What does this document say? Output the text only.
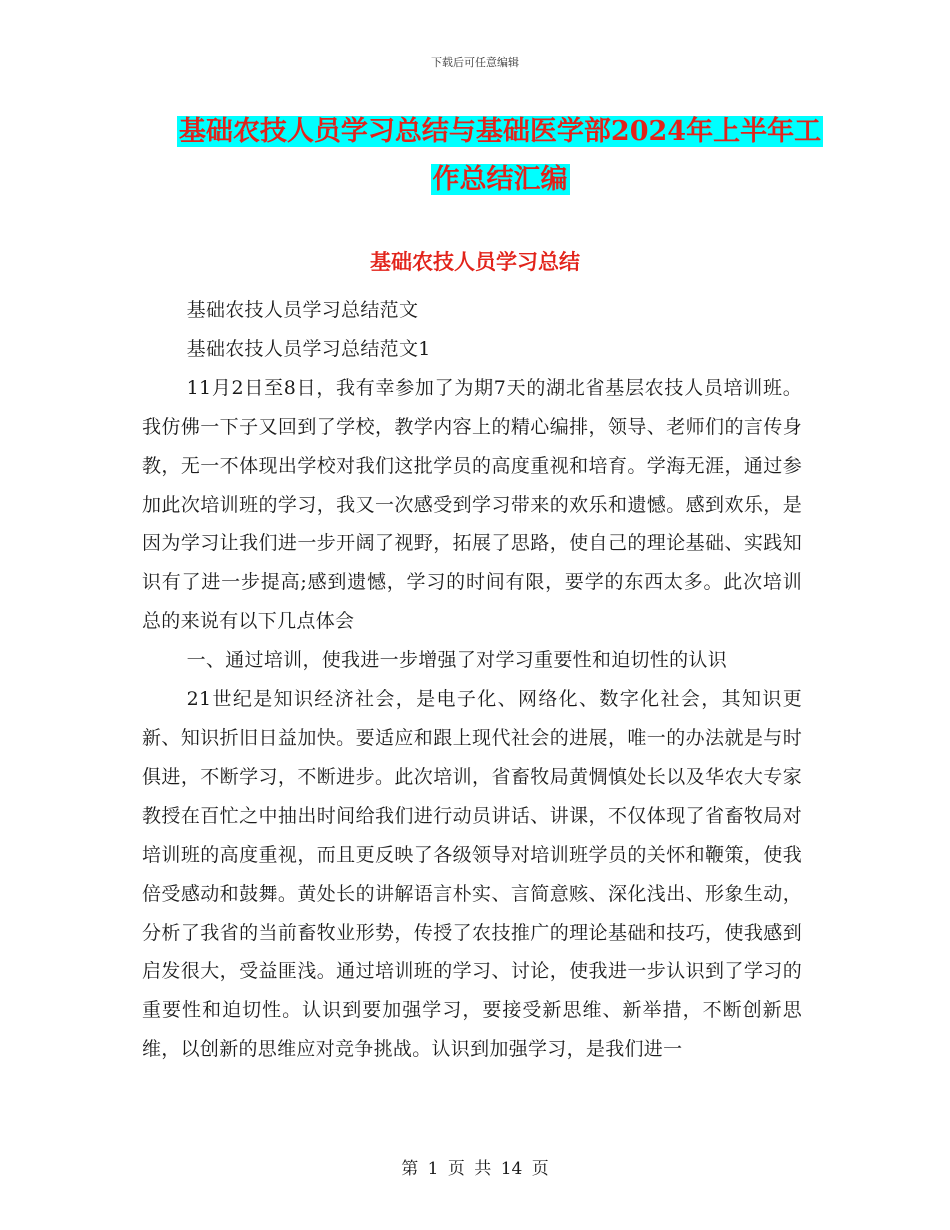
下载后可任意编辑
基础农技人员学习总结与基础医学部2024年上半年工
作总结汇编
基础农技人员学习总结

基础农技人员学习总结范文

基础农技人员学习总结范文1

11月2日至8日，我有幸参加了为期7天的湖北省基层农技人员培训班。我仿佛一下子又回到了学校，教学内容上的精心编排，领导、老师们的言传身教，无一不体现出学校对我们这批学员的高度重视和培育。学海无涯，通过参加此次培训班的学习，我又一次感受到学习带来的欢乐和遗憾。感到欢乐，是因为学习让我们进一步开阔了视野，拓展了思路，使自己的理论基础、实践知识有了进一步提高;感到遗憾，学习的时间有限，要学的东西太多。此次培训总的来说有以下几点体会

一、通过培训，使我进一步增强了对学习重要性和迫切性的认识

21世纪是知识经济社会，是电子化、网络化、数字化社会，其知识更新、知识折旧日益加快。要适应和跟上现代社会的进展，唯一的办法就是与时俱进，不断学习，不断进步。此次培训，省畜牧局黄惆慎处长以及华农大专家教授在百忙之中抽出时间给我们进行动员讲话、讲课，不仅体现了省畜牧局对培训班的高度重视，而且更反映了各级领导对培训班学员的关怀和鞭策，使我倍受感动和鼓舞。黄处长的讲解语言朴实、言简意赅、深化浅出、形象生动，分析了我省的当前畜牧业形势，传授了农技推广的理论基础和技巧，使我感到启发很大，受益匪浅。通过培训班的学习、讨论，使我进一步认识到了学习的重要性和迫切性。认识到要加强学习，要接受新思维、新举措，不断创新思维，以创新的思维应对竞争挑战。认识到加强学习，是我们进一

第 1 页 共 14 页
